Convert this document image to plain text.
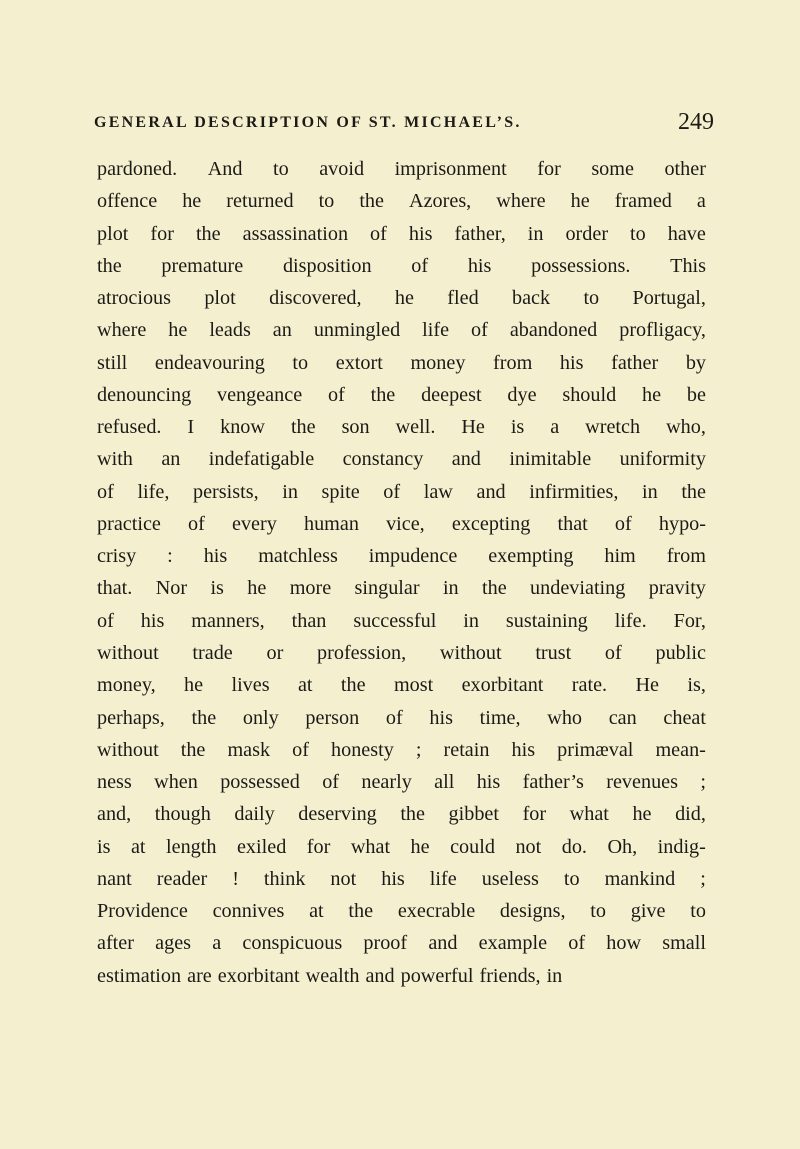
GENERAL DESCRIPTION OF ST. MICHAEL’S.	249
pardoned. And to avoid imprisonment for some other
offence he returned to the Azores, where he framed a
plot for the assassination of his father, in order to have
the premature disposition of his possessions. This
atrocious plot discovered, he fled back to Portugal,
where he leads an unmingled life of abandoned profligacy,
still endeavouring to extort money from his father by
denouncing vengeance of the deepest dye should he be
refused. I know the son well. He is a wretch who,
with an indefatigable constancy and inimitable uniformity
of life, persists, in spite of law and infirmities, in the
practice of every human vice, excepting that of hypo-
crisy : his matchless impudence exempting him from
that. Nor is he more singular in the undeviating pravity
of his manners, than successful in sustaining life. For,
without trade or profession, without trust of public
money, he lives at the most exorbitant rate. He is,
perhaps, the only person of his time, who can cheat
without the mask of honesty ; retain his primæval mean-
ness when possessed of nearly all his father’s revenues ;
and, though daily deserving the gibbet for what he did,
is at length exiled for what he could not do. Oh, indig-
nant reader ! think not his life useless to mankind ;
Providence connives at the execrable designs, to give to
after ages a conspicuous proof and example of how small
estimation are exorbitant wealth and powerful friends, in
